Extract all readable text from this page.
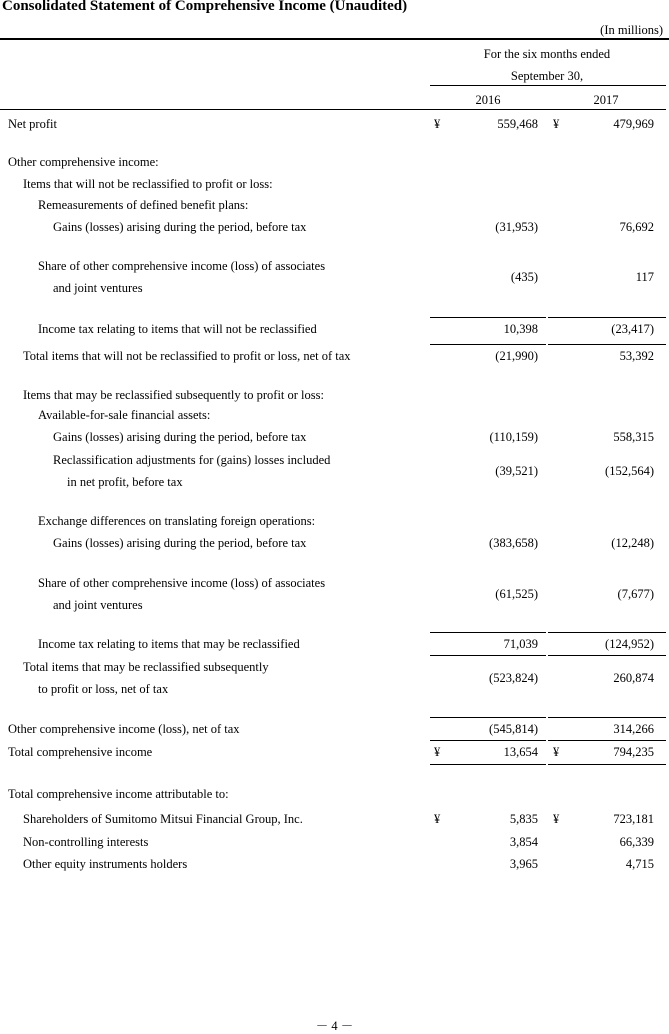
Consolidated Statement of Comprehensive Income (Unaudited)
(In millions)
For the six months ended
September 30,
2016	2017
Net profit	559,468	479,969
¥	¥
Other comprehensive income:
Items that will not be reclassified to profit or loss:
Remeasurements of defined benefit plans:
Gains (losses) arising during the period, before tax	(31,953)	76,692
Share of other comprehensive income (loss) of associates
and joint ventures
(435)	117
Income tax relating to items that will not be reclassified	10,398	(23,417)
Total items that will not be reclassified to profit or loss, net of tax	(21,990)	53,392
Items that may be reclassified subsequently to profit or loss:
Available-for-sale financial assets:
Gains (losses) arising during the period, before tax	(110,159)	558,315
Reclassification adjustments for (gains) losses included
in net profit, before tax
(39,521)	(152,564)
Exchange differences on translating foreign operations:
Gains (losses) arising during the period, before tax	(383,658)	(12,248)
Share of other comprehensive income (loss) of associates
and joint ventures
(61,525)	(7,677)
Income tax relating to items that may be reclassified	71,039	(124,952)
Total items that may be reclassified subsequently
to profit or loss, net of tax
(523,824)	260,874
Other comprehensive income (loss), net of tax	(545,814)	314,266
Total comprehensive income	13,654	794,235
¥	¥
Total comprehensive income attributable to:
Shareholders of Sumitomo Mitsui Financial Group, Inc.	5,835	723,181
¥	¥
Non-controlling interests	3,854	66,339
Other equity instruments holders	3,965	4,715
－ 4 －
